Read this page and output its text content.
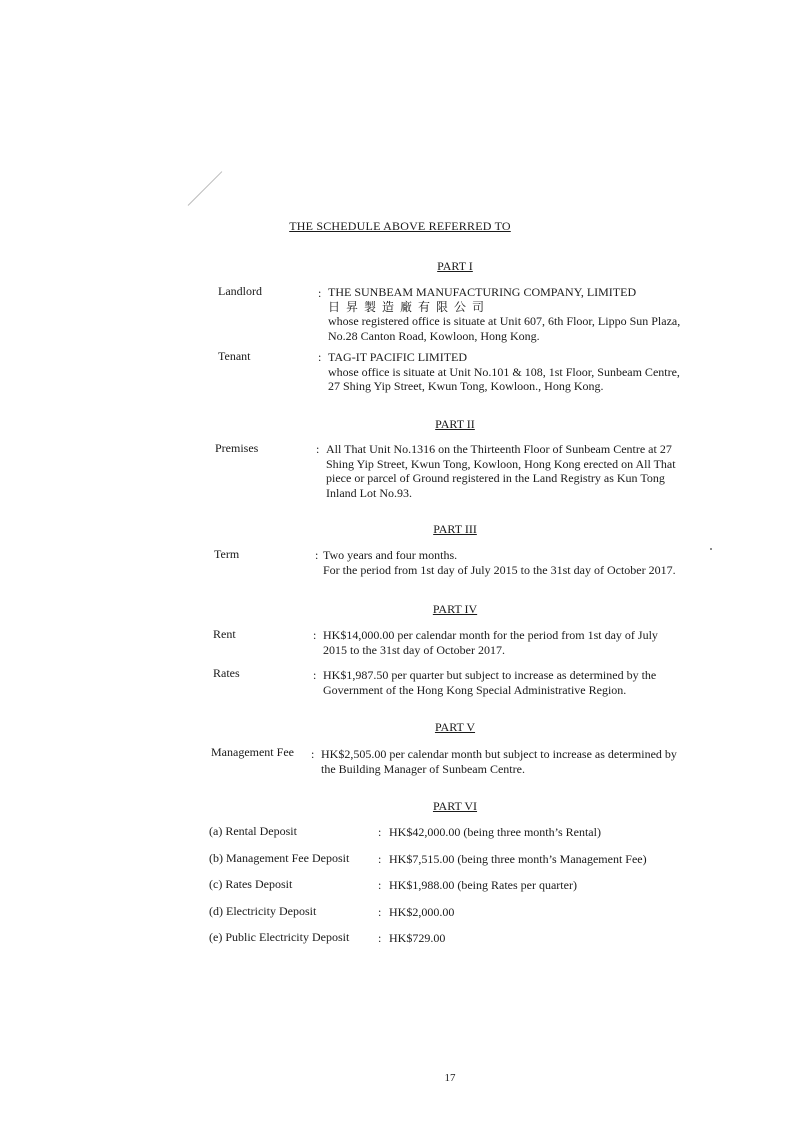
THE SCHEDULE ABOVE REFERRED TO
PART I
Landlord	: THE SUNBEAM MANUFACTURING COMPANY, LIMITED
日昇製造廠有限公司
whose registered office is situate at Unit 607, 6th Floor, Lippo Sun Plaza,
No.28 Canton Road, Kowloon, Hong Kong.
Tenant	: TAG-IT PACIFIC LIMITED
whose office is situate at Unit No.101 & 108, 1st Floor, Sunbeam Centre,
27 Shing Yip Street, Kwun Tong, Kowloon., Hong Kong.
PART II
Premises	: All That Unit No.1316 on the Thirteenth Floor of Sunbeam Centre at 27
Shing Yip Street, Kwun Tong, Kowloon, Hong Kong erected on All That
piece or parcel of Ground registered in the Land Registry as Kun Tong
Inland Lot No.93.
PART III
Term	: Two years and four months.
For the period from 1st day of July 2015 to the 31st day of October 2017.
PART IV
Rent	: HK$14,000.00 per calendar month for the period from 1st day of July
2015 to the 31st day of October 2017.
Rates	: HK$1,987.50 per quarter but subject to increase as determined by the
Government of the Hong Kong Special Administrative Region.
PART V
Management Fee : HK$2,505.00 per calendar month but subject to increase as determined by
the Building Manager of Sunbeam Centre.
PART VI
(a) Rental Deposit	: HK$42,000.00 (being three month’s Rental)
(b) Management Fee Deposit : HK$7,515.00 (being three month’s Management Fee)
(c) Rates Deposit	: HK$1,988.00 (being Rates per quarter)
(d) Electricity Deposit	: HK$2,000.00
(e) Public Electricity Deposit : HK$729.00
17
